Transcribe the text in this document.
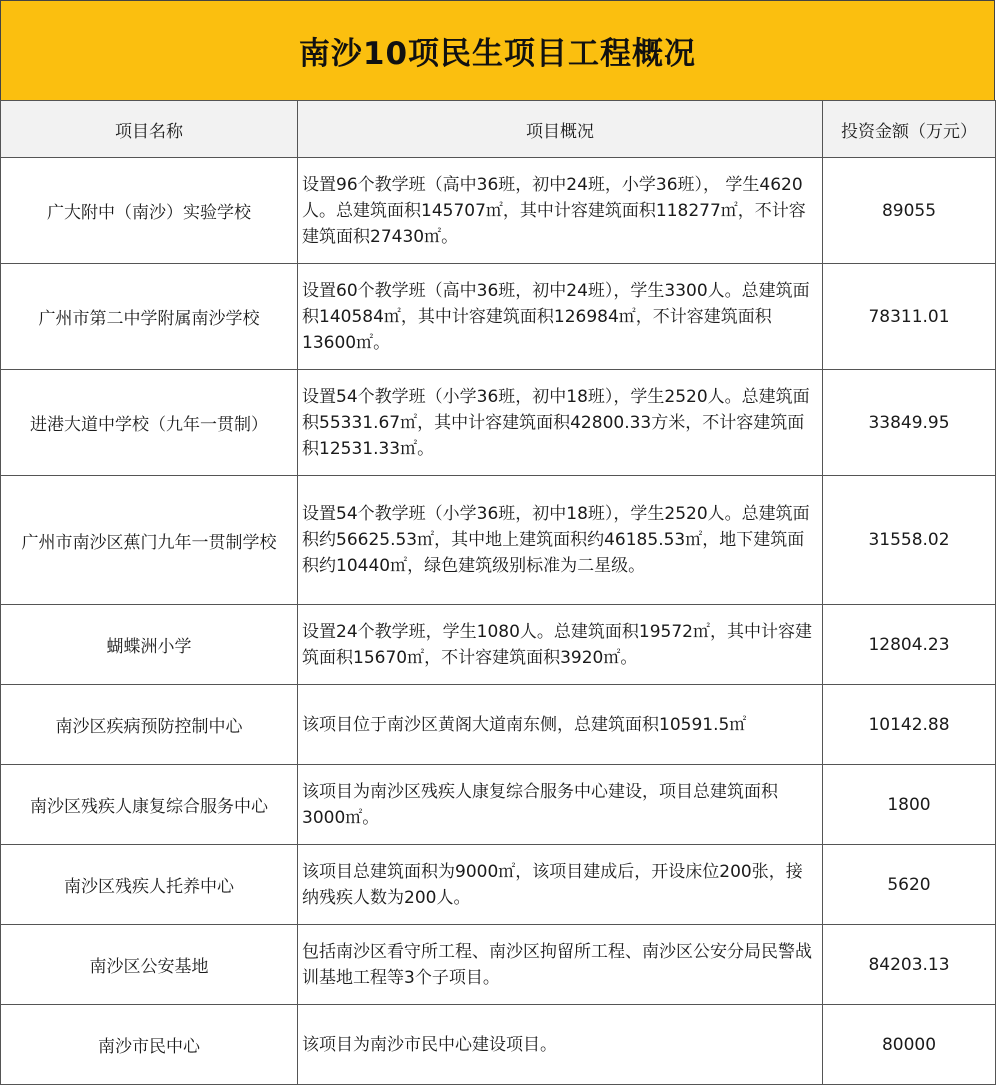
南沙10项民生项目工程概况
项目名称	项目概况	投资金额（万元）
广大附中（南沙）实验学校	设置96个教学班（高中36班，初中24班，小学36班）， 学生4620人。总建筑面积145707㎡，其中计容建筑面积118277㎡，不计容建筑面积27430㎡。	89055
广州市第二中学附属南沙学校	设置60个教学班（高中36班，初中24班），学生3300人。总建筑面积140584㎡，其中计容建筑面积126984㎡，不计容建筑面积13600㎡。	78311.01
进港大道中学校（九年一贯制）	设置54个教学班（小学36班，初中18班），学生2520人。总建筑面积55331.67㎡，其中计容建筑面积42800.33方米，不计容建筑面积12531.33㎡。	33849.95
广州市南沙区蕉门九年一贯制学校	设置54个教学班（小学36班，初中18班），学生2520人。总建筑面积约56625.53㎡，其中地上建筑面积约46185.53㎡，地下建筑面积约10440㎡，绿色建筑级别标准为二星级。	31558.02
蝴蝶洲小学	设置24个教学班，学生1080人。总建筑面积19572㎡，其中计容建筑面积15670㎡，不计容建筑面积3920㎡。	12804.23
南沙区疾病预防控制中心	该项目位于南沙区黄阁大道南东侧，总建筑面积10591.5㎡	10142.88
南沙区残疾人康复综合服务中心	该项目为南沙区残疾人康复综合服务中心建设，项目总建筑面积3000㎡。	1800
南沙区残疾人托养中心	该项目总建筑面积为9000㎡，该项目建成后，开设床位200张，接纳残疾人数为200人。	5620
南沙区公安基地	包括南沙区看守所工程、南沙区拘留所工程、南沙区公安分局民警战训基地工程等3个子项目。	84203.13
南沙市民中心	该项目为南沙市民中心建设项目。	80000
